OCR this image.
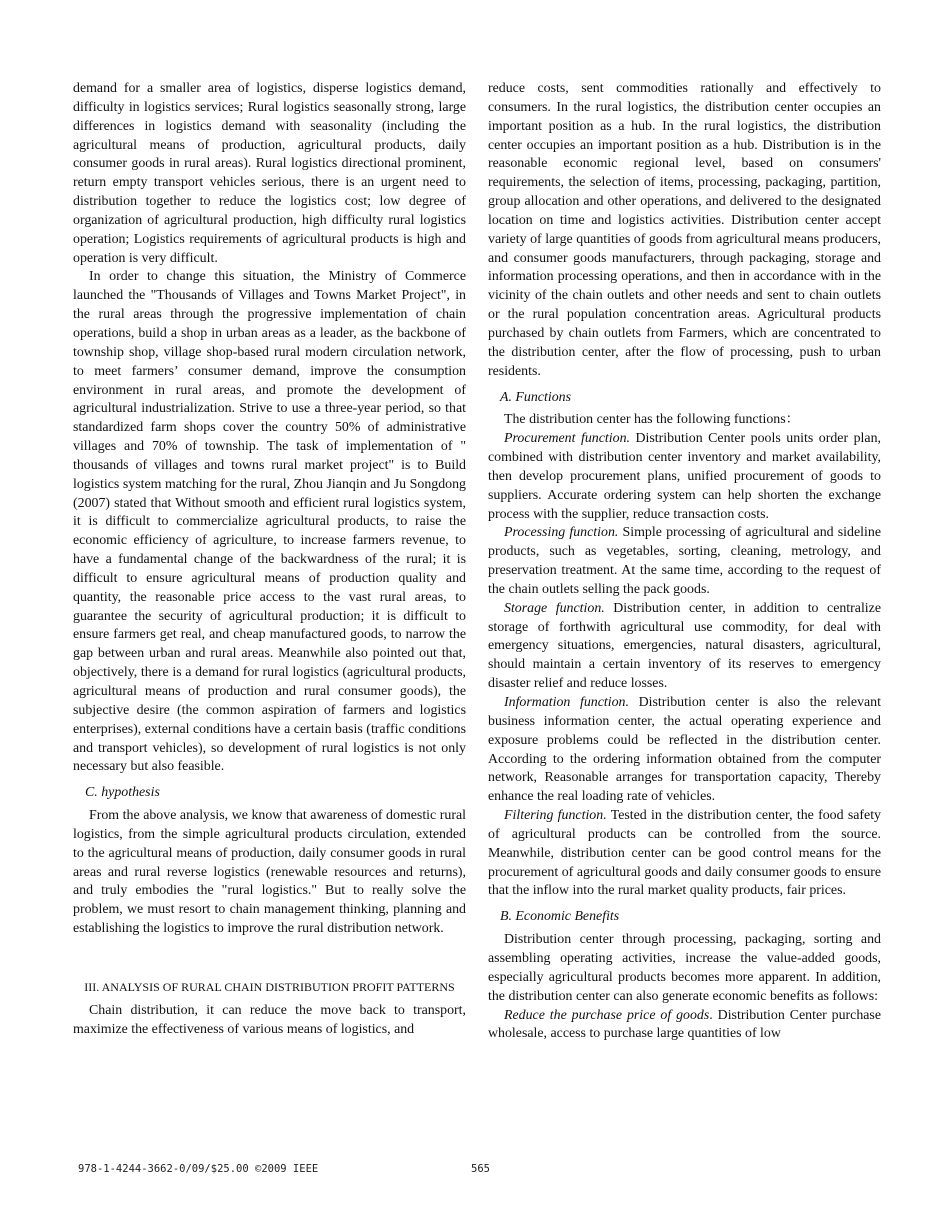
demand for a smaller area of logistics, disperse logistics demand, difficulty in logistics services; Rural logistics seasonally strong, large differences in logistics demand with seasonality (including the agricultural means of production, agricultural products, daily consumer goods in rural areas). Rural logistics directional prominent, return empty transport vehicles serious, there is an urgent need to distribution together to reduce the logistics cost; low degree of organization of agricultural production, high difficulty rural logistics operation; Logistics requirements of agricultural products is high and operation is very difficult.

In order to change this situation, the Ministry of Commerce launched the "Thousands of Villages and Towns Market Project", in the rural areas through the progressive implementation of chain operations, build a shop in urban areas as a leader, as the backbone of township shop, village shop-based rural modern circulation network, to meet farmers’ consumer demand, improve the consumption environment in rural areas, and promote the development of agricultural industrialization. Strive to use a three-year period, so that standardized farm shops cover the country 50% of administrative villages and 70% of township. The task of implementation of " thousands of villages and towns rural market project" is to Build logistics system matching for the rural, Zhou Jianqin and Ju Songdong (2007) stated that Without smooth and efficient rural logistics system, it is difficult to commercialize agricultural products, to raise the economic efficiency of agriculture, to increase farmers revenue, to have a fundamental change of the backwardness of the rural; it is difficult to ensure agricultural means of production quality and quantity, the reasonable price access to the vast rural areas, to guarantee the security of agricultural production; it is difficult to ensure farmers get real, and cheap manufactured goods, to narrow the gap between urban and rural areas. Meanwhile also pointed out that, objectively, there is a demand for rural logistics (agricultural products, agricultural means of production and rural consumer goods), the subjective desire (the common aspiration of farmers and logistics enterprises), external conditions have a certain basis (traffic conditions and transport vehicles), so development of rural logistics is not only necessary but also feasible.

C. hypothesis

From the above analysis, we know that awareness of domestic rural logistics, from the simple agricultural products circulation, extended to the agricultural means of production, daily consumer goods in rural areas and rural reverse logistics (renewable resources and returns), and truly embodies the "rural logistics." But to really solve the problem, we must resort to chain management thinking, planning and establishing the logistics to improve the rural distribution network.

III. ANALYSIS OF RURAL CHAIN DISTRIBUTION PROFIT PATTERNS

Chain distribution, it can reduce the move back to transport, maximize the effectiveness of various means of logistics, and

reduce costs, sent commodities rationally and effectively to consumers. In the rural logistics, the distribution center occupies an important position as a hub. In the rural logistics, the distribution center occupies an important position as a hub. Distribution is in the reasonable economic regional level, based on consumers' requirements, the selection of items, processing, packaging, partition, group allocation and other operations, and delivered to the designated location on time and logistics activities. Distribution center accept variety of large quantities of goods from agricultural means producers, and consumer goods manufacturers, through packaging, storage and information processing operations, and then in accordance with in the vicinity of the chain outlets and other needs and sent to chain outlets or the rural population concentration areas. Agricultural products purchased by chain outlets from Farmers, which are concentrated to the distribution center, after the flow of processing, push to urban residents.

A. Functions

The distribution center has the following functions：

Procurement function. Distribution Center pools units order plan, combined with distribution center inventory and market availability, then develop procurement plans, unified procurement of goods to suppliers. Accurate ordering system can help shorten the exchange process with the supplier, reduce transaction costs.

Processing function. Simple processing of agricultural and sideline products, such as vegetables, sorting, cleaning, metrology, and preservation treatment. At the same time, according to the request of the chain outlets selling the pack goods.

Storage function. Distribution center, in addition to centralize storage of forthwith agricultural use commodity, for deal with emergency situations, emergencies, natural disasters, agricultural, should maintain a certain inventory of its reserves to emergency disaster relief and reduce losses.

Information function. Distribution center is also the relevant business information center, the actual operating experience and exposure problems could be reflected in the distribution center. According to the ordering information obtained from the computer network, Reasonable arranges for transportation capacity, Thereby enhance the real loading rate of vehicles.

Filtering function. Tested in the distribution center, the food safety of agricultural products can be controlled from the source. Meanwhile, distribution center can be good control means for the procurement of agricultural goods and daily consumer goods to ensure that the inflow into the rural market quality products, fair prices.

B. Economic Benefits

Distribution center through processing, packaging, sorting and assembling operating activities, increase the value-added goods, especially agricultural products becomes more apparent. In addition, the distribution center can also generate economic benefits as follows:

Reduce the purchase price of goods. Distribution Center purchase wholesale, access to purchase large quantities of low

978-1-4244-3662-0/09/$25.00 ©2009 IEEE	565
